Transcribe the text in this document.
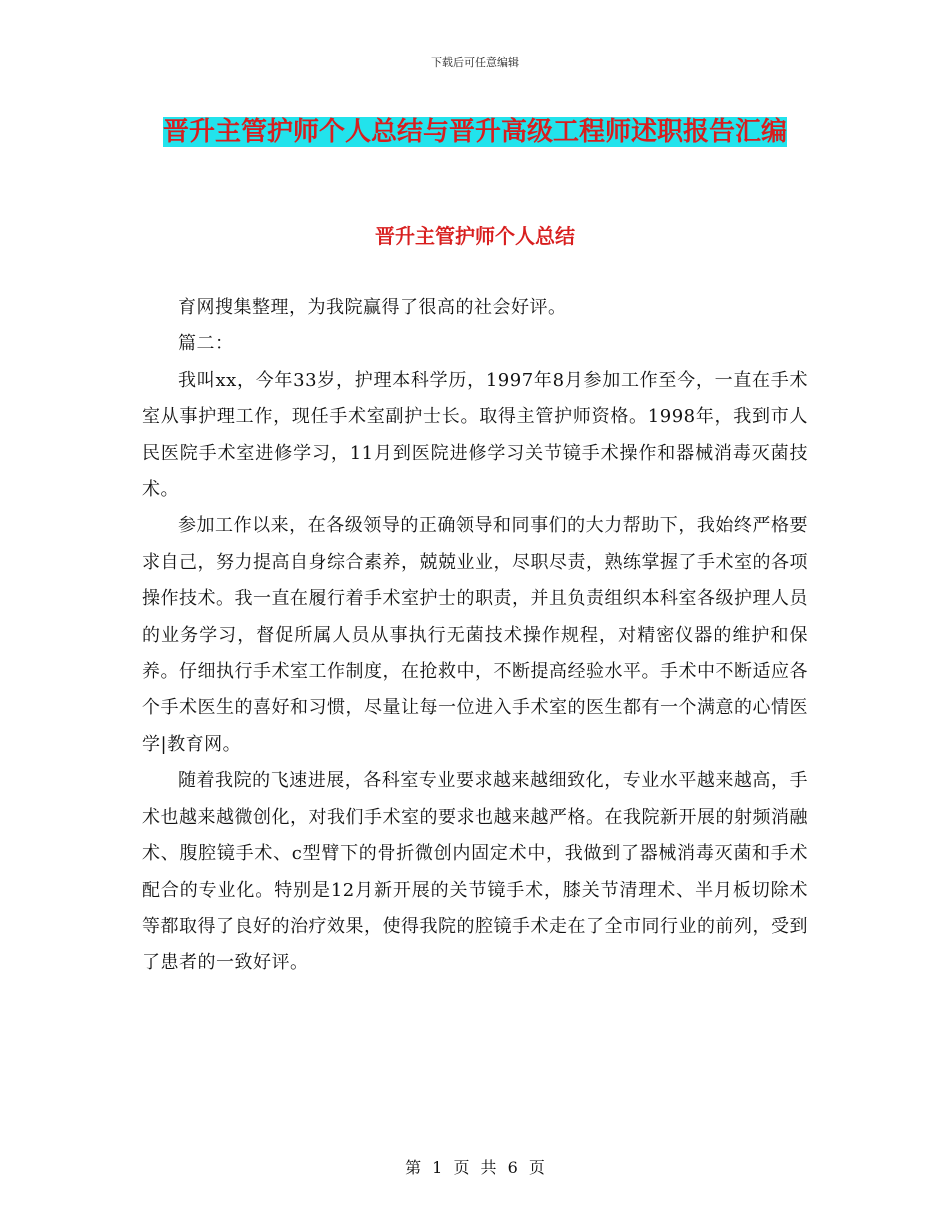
下载后可任意编辑
晋升主管护师个人总结与晋升高级工程师述职报告汇编
晋升主管护师个人总结

育网搜集整理，为我院赢得了很高的社会好评。

篇二：

我叫xx，今年33岁，护理本科学历，1997年8月参加工作至今，一直在手术室从事护理工作，现任手术室副护士长。取得主管护师资格。1998年，我到市人民医院手术室进修学习，11月到医院进修学习关节镜手术操作和器械消毒灭菌技术。

参加工作以来，在各级领导的正确领导和同事们的大力帮助下，我始终严格要求自己，努力提高自身综合素养，兢兢业业，尽职尽责，熟练掌握了手术室的各项操作技术。我一直在履行着手术室护士的职责，并且负责组织本科室各级护理人员的业务学习，督促所属人员从事执行无菌技术操作规程，对精密仪器的维护和保养。仔细执行手术室工作制度，在抢救中，不断提高经验水平。手术中不断适应各个手术医生的喜好和习惯，尽量让每一位进入手术室的医生都有一个满意的心情医学|教育网。

随着我院的飞速进展，各科室专业要求越来越细致化，专业水平越来越高，手术也越来越微创化，对我们手术室的要求也越来越严格。在我院新开展的射频消融术、腹腔镜手术、c型臂下的骨折微创内固定术中，我做到了器械消毒灭菌和手术配合的专业化。特别是12月新开展的关节镜手术，膝关节清理术、半月板切除术等都取得了良好的治疗效果，使得我院的腔镜手术走在了全市同行业的前列，受到了患者的一致好评。

第 1 页 共 6 页
